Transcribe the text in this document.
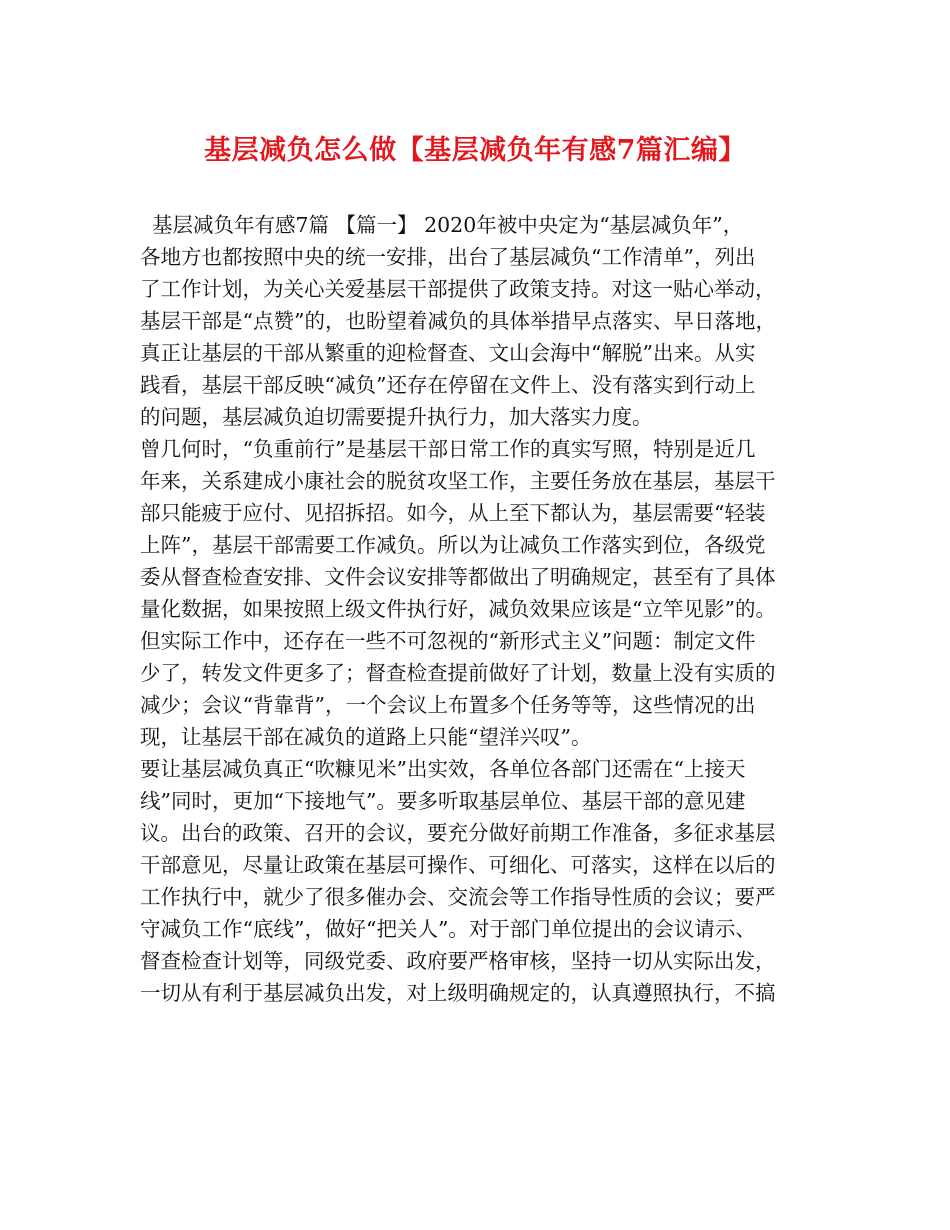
基层减负怎么做【基层减负年有感7篇汇编】
基层减负年有感7篇 【篇一】 2020年被中央定为“基层减负年”，
各地方也都按照中央的统一安排，出台了基层减负“工作清单”，列出
了工作计划，为关心关爱基层干部提供了政策支持。对这一贴心举动，
基层干部是“点赞”的，也盼望着减负的具体举措早点落实、早日落地，
真正让基层的干部从繁重的迎检督查、文山会海中“解脱”出来。从实
践看，基层干部反映“减负”还存在停留在文件上、没有落实到行动上
的问题，基层减负迫切需要提升执行力，加大落实力度。
曾几何时，“负重前行”是基层干部日常工作的真实写照，特别是近几
年来，关系建成小康社会的脱贫攻坚工作，主要任务放在基层，基层干
部只能疲于应付、见招拆招。如今，从上至下都认为，基层需要“轻装
上阵”，基层干部需要工作减负。所以为让减负工作落实到位，各级党
委从督查检查安排、文件会议安排等都做出了明确规定，甚至有了具体
量化数据，如果按照上级文件执行好，减负效果应该是“立竿见影”的。
但实际工作中，还存在一些不可忽视的“新形式主义”问题：制定文件
少了，转发文件更多了；督查检查提前做好了计划，数量上没有实质的
减少；会议“背靠背”，一个会议上布置多个任务等等，这些情况的出
现，让基层干部在减负的道路上只能“望洋兴叹”。
要让基层减负真正“吹糠见米”出实效，各单位各部门还需在“上接天
线”同时，更加“下接地气”。要多听取基层单位、基层干部的意见建
议。出台的政策、召开的会议，要充分做好前期工作准备，多征求基层
干部意见，尽量让政策在基层可操作、可细化、可落实，这样在以后的
工作执行中，就少了很多催办会、交流会等工作指导性质的会议；要严
守减负工作“底线”，做好“把关人”。对于部门单位提出的会议请示、
督查检查计划等，同级党委、政府要严格审核，坚持一切从实际出发，
一切从有利于基层减负出发，对上级明确规定的，认真遵照执行，不搞
